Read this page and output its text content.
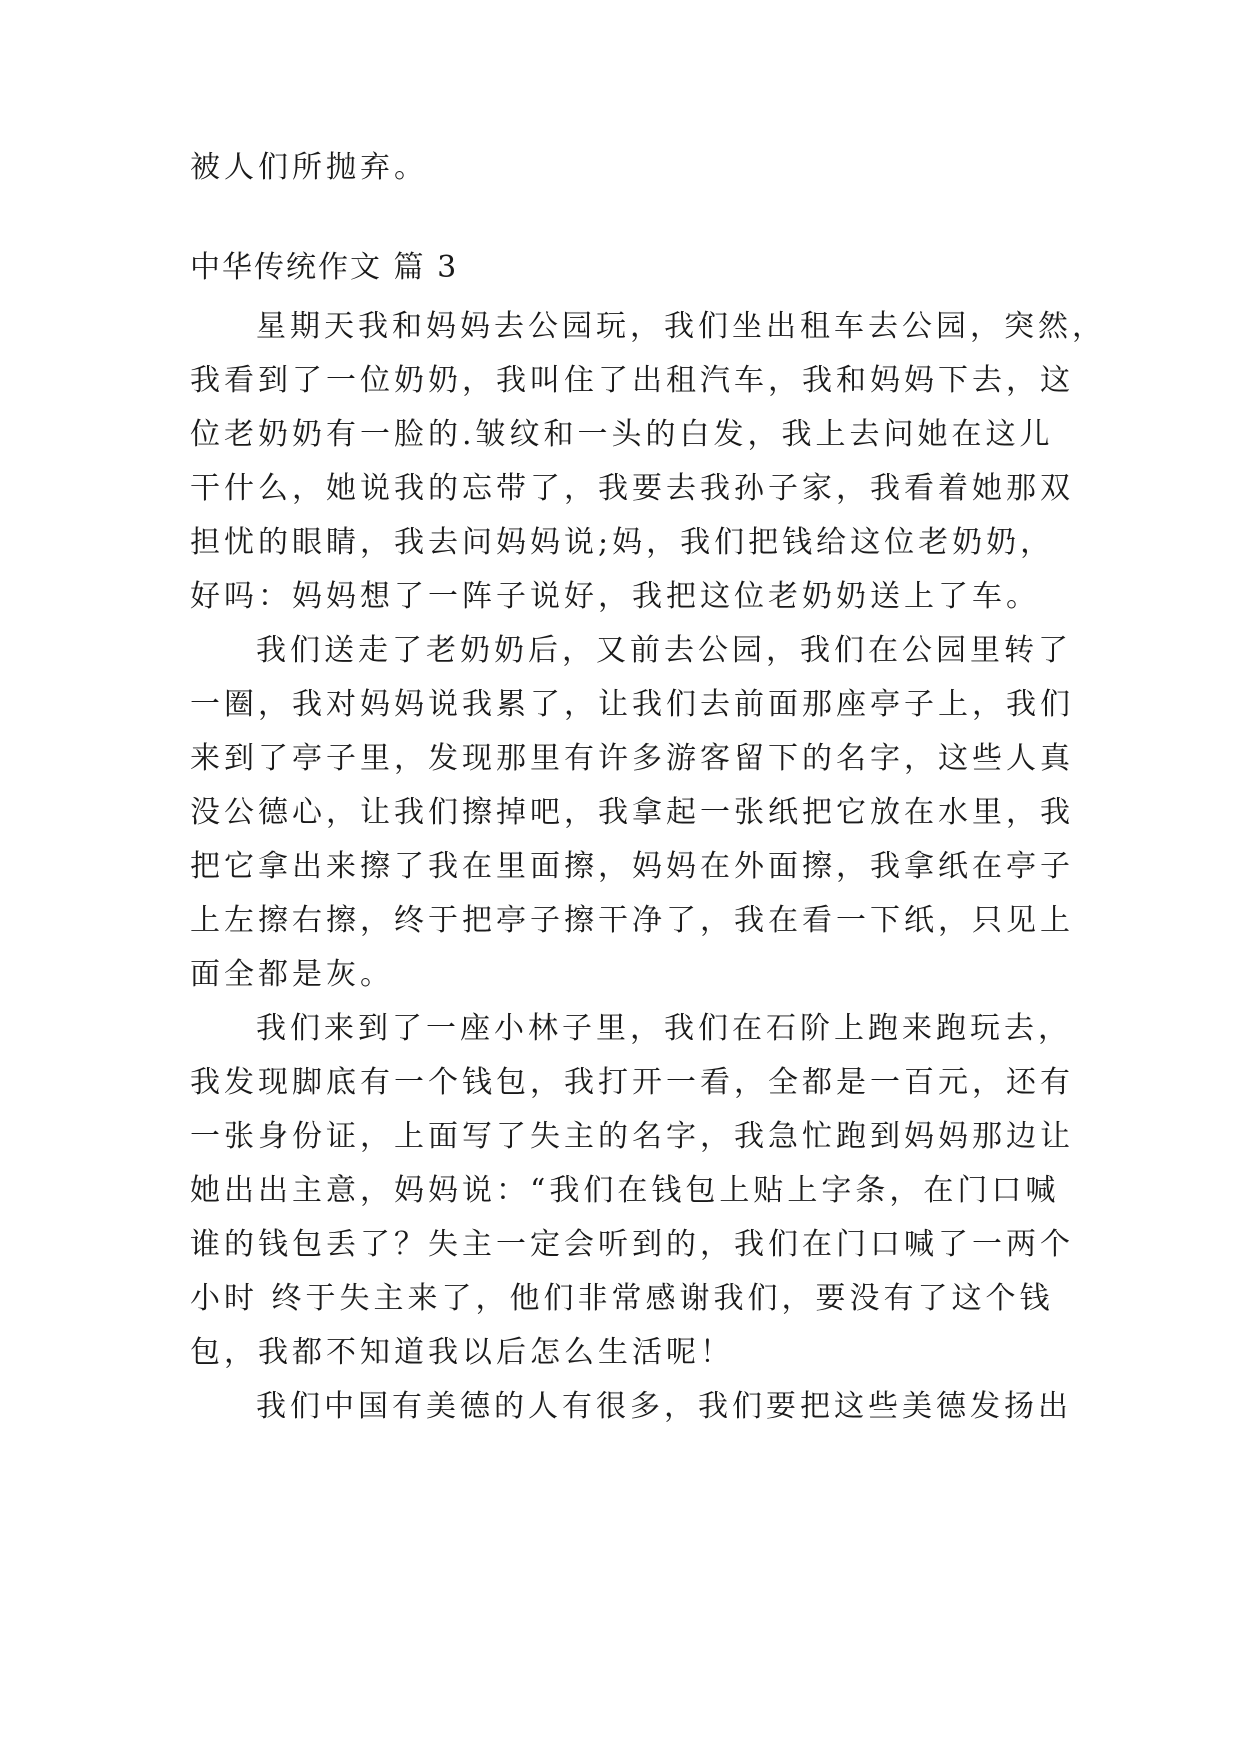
被人们所抛弃。
中华传统作文 篇 3
星期天我和妈妈去公园玩，我们坐出租车去公园，突然，
我看到了一位奶奶，我叫住了出租汽车，我和妈妈下去，这
位老奶奶有一脸的.皱纹和一头的白发，我上去问她在这儿
干什么，她说我的忘带了，我要去我孙子家，我看着她那双
担忧的眼睛，我去问妈妈说;妈，我们把钱给这位老奶奶，
好吗：妈妈想了一阵子说好，我把这位老奶奶送上了车。
我们送走了老奶奶后，又前去公园，我们在公园里转了
一圈，我对妈妈说我累了，让我们去前面那座亭子上，我们
来到了亭子里，发现那里有许多游客留下的名字，这些人真
没公德心，让我们擦掉吧，我拿起一张纸把它放在水里，我
把它拿出来擦了我在里面擦，妈妈在外面擦，我拿纸在亭子
上左擦右擦，终于把亭子擦干净了，我在看一下纸，只见上
面全都是灰。
我们来到了一座小林子里，我们在石阶上跑来跑玩去，
我发现脚底有一个钱包，我打开一看，全都是一百元，还有
一张身份证，上面写了失主的名字，我急忙跑到妈妈那边让
她出出主意，妈妈说：“我们在钱包上贴上字条，在门口喊
谁的钱包丢了？失主一定会听到的，我们在门口喊了一两个
小时 终于失主来了，他们非常感谢我们，要没有了这个钱
包，我都不知道我以后怎么生活呢！
我们中国有美德的人有很多，我们要把这些美德发扬出
